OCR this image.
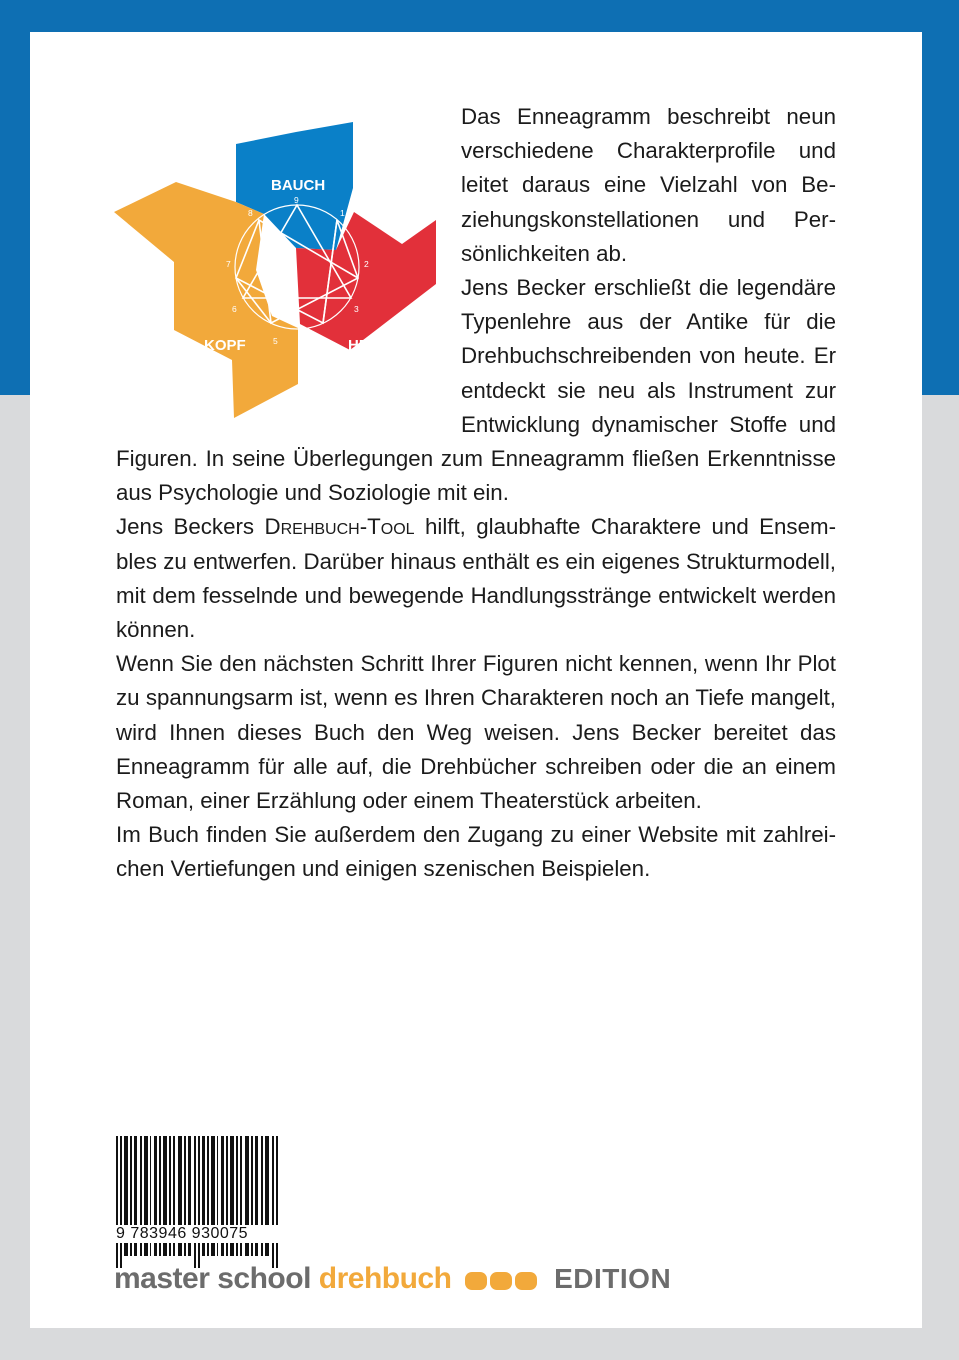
BAUCH
KOPF	HERZ
9
1
2
3
4
5
6
7
8

Das Enneagramm beschreibt neun verschiedene Charakterprofile und leitet daraus eine Vielzahl von Beziehungskonstellationen und Persönlichkeiten ab.

Jens Becker erschließt die legendäre Typenlehre aus der Antike für die Drehbuchschreibenden von heute. Er entdeckt sie neu als Instrument zur Entwicklung dynamischer Stoffe und Figuren. In seine Überlegungen zum Enneagramm fließen Erkenntnisse aus Psychologie und Soziologie mit ein.

Jens Beckers Drehbuch-Tool hilft, glaubhafte Charaktere und Ensembles zu entwerfen. Darüber hinaus enthält es ein eigenes Strukturmodell, mit dem fesselnde und bewegende Handlungsstränge entwickelt werden können.

Wenn Sie den nächsten Schritt Ihrer Figuren nicht kennen, wenn Ihr Plot zu spannungsarm ist, wenn es Ihren Charakteren noch an Tiefe mangelt, wird Ihnen dieses Buch den Weg weisen. Jens Becker bereitet das Enneagramm für alle auf, die Drehbücher schreiben oder die an einem Roman, einer Erzählung oder einem Theaterstück arbeiten.

Im Buch finden Sie außerdem den Zugang zu einer Website mit zahlreichen Vertiefungen und einigen szenischen Beispielen.

9 783946 930075
master school drehbuch	EDITION
